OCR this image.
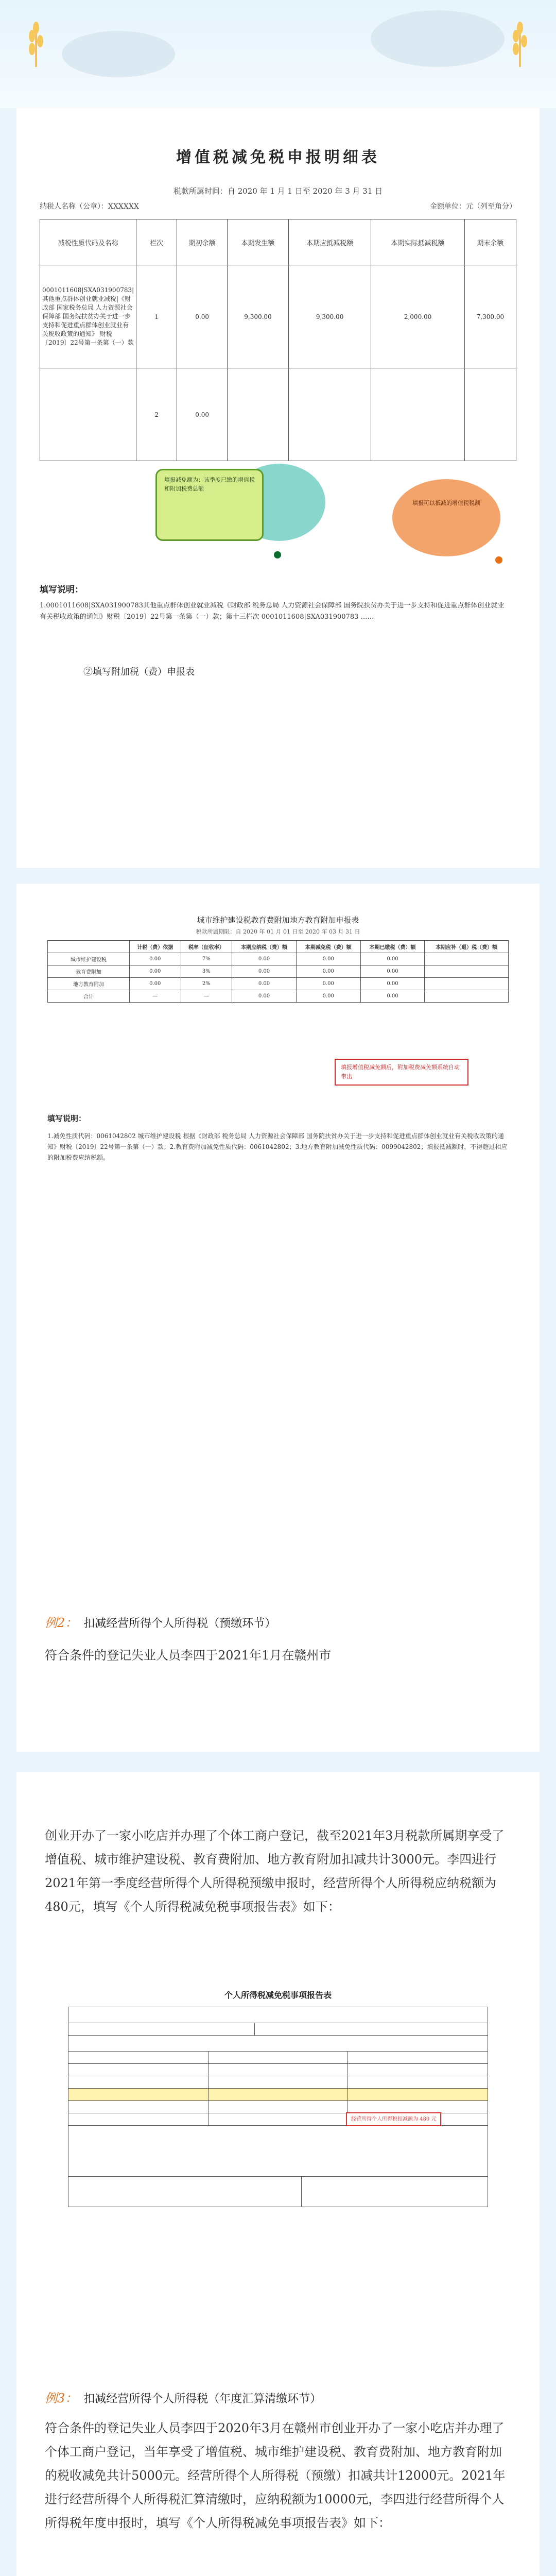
增值税减免税申报明细表
税款所属时间：自 2020 年 1 月 1 日至 2020 年 3 月 31 日
纳税人名称（公章）：XXXXXX	金额单位：元（列至角分）
减税性质代码及名称	栏次	期初余额	本期发生额	本期应抵减税额	本期实际抵减税额	期末余额
0001011608|SXA031900783|其他重点群体创业就业减税|《财政部 国家税务总局 人力资源社会保障部 国务院扶贫办关于进一步支持和促进重点群体创业就业有关税收政策的通知》 财税〔2019〕22号第一条第（一）款	1	0.00	9,300.00	9,300.00	2,000.00	7,300.00
	2	0.00				
填报减免额为：该季度已缴的增值税和附加税费总额
填报可以抵减的增值税税额
填写说明：
1.0001011608|SXA031900783其他重点群体创业就业减税《财政部 税务总局 人力资源社会保障部 国务院扶贫办关于进一步支持和促进重点群体创业就业有关税收政策的通知》财税〔2019〕22号第一条第（一）款；第十三栏次 0001011608|SXA031900783 ……
②填写附加税（费）申报表
城市维护建设税教育费附加地方教育附加申报表
税款所属期限：自 2020 年 01 月 01 日至 2020 年 03 月 31 日
	计税（费）依据	税率（征收率）	本期应纳税（费）额	本期减免税（费）额	本期已缴税（费）额	本期应补（退）税（费）额
城市维护建设税	0.00	7%	0.00	0.00	0.00	
教育费附加	0.00	3%	0.00	0.00	0.00	
地方教育附加	0.00	2%	0.00	0.00	0.00	
合计	—	—	0.00	0.00	0.00	
填报增值税减免额后，附加税费减免额系统自动带出
填写说明：
1.减免性质代码：0061042802 城市维护建设税 根据《财政部 税务总局 人力资源社会保障部 国务院扶贫办关于进一步支持和促进重点群体创业就业有关税收政策的通知》财税〔2019〕22号第一条第（一）款；2.教育费附加减免性质代码：0061042802；3.地方教育附加减免性质代码：0099042802；填报抵减额时，不得超过相应的附加税费应纳税额。
例2： 扣减经营所得个人所得税（预缴环节）
符合条件的登记失业人员李四于2021年1月在赣州市
创业开办了一家小吃店并办理了个体工商户登记，截至2021年3月税款所属期享受了增值税、城市维护建设税、教育费附加、地方教育附加扣减共计3000元。李四进行2021年第一季度经营所得个人所得税预缴申报时，经营所得个人所得税应纳税额为480元，填写《个人所得税减免税事项报告表》如下：
个人所得税减免税事项报告表

经营所得个人所得税扣减额为 480 元
例3： 扣减经营所得个人所得税（年度汇算清缴环节）
符合条件的登记失业人员李四于2020年3月在赣州市创业开办了一家小吃店并办理了个体工商户登记，当年享受了增值税、城市维护建设税、教育费附加、地方教育附加的税收减免共计5000元。经营所得个人所得税（预缴）扣减共计12000元。2021年进行经营所得个人所得税汇算清缴时，应纳税额为10000元，李四进行经营所得个人所得税年度申报时，填写《个人所得税减免事项报告表》如下：
